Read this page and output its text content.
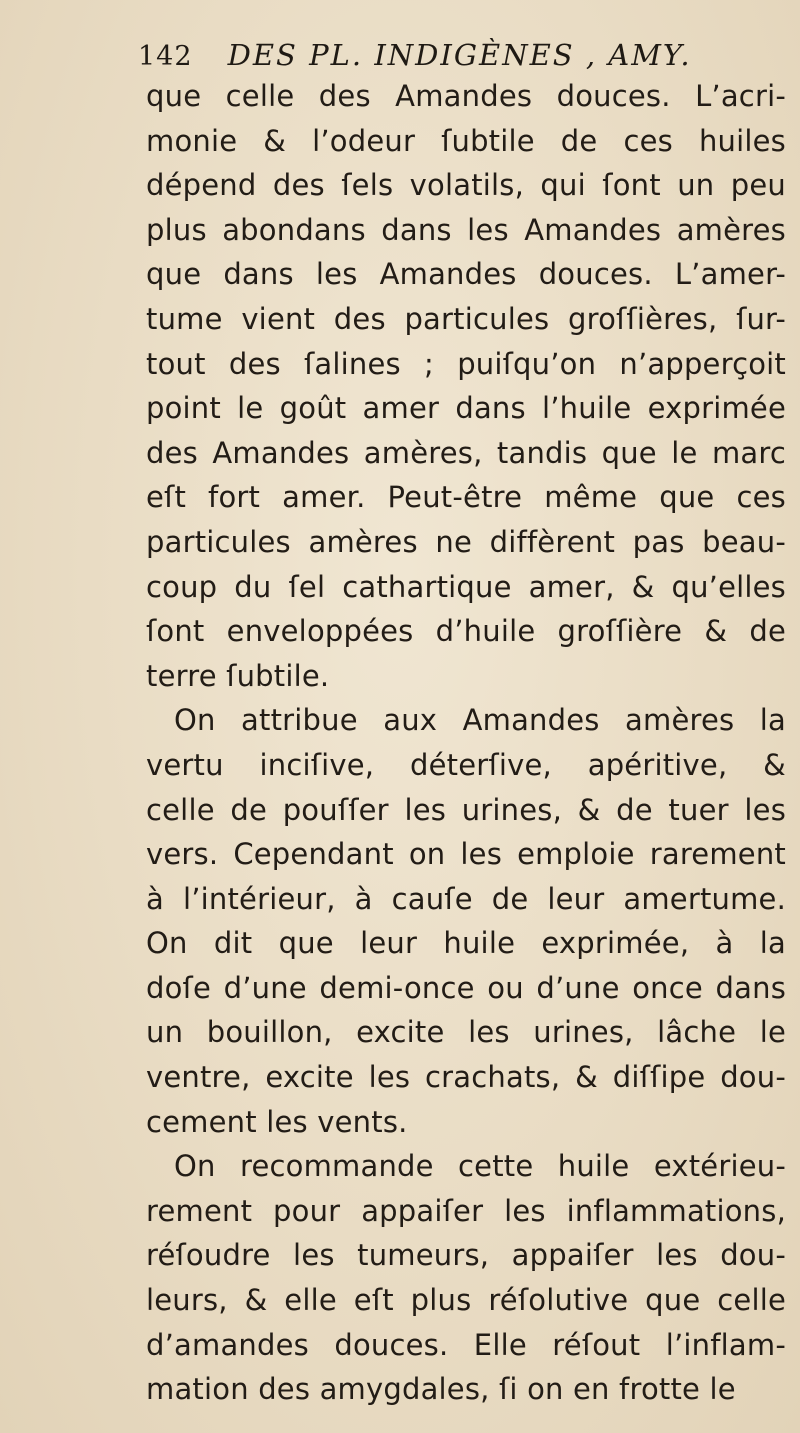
142 DES PL. INDIGÈNES , AMY.
que celle des Amandes douces. L’acri-
monie & l’odeur ſubtile de ces huiles
dépend des ſels volatils, qui ſont un peu
plus abondans dans les Amandes amères
que dans les Amandes douces. L’amer-
tume vient des particules groſſières, ſur-
tout des ſalines ; puiſqu’on n’apperçoit
point le goût amer dans l’huile exprimée
des Amandes amères, tandis que le marc
eſt fort amer. Peut-être même que ces
particules amères ne diffèrent pas beau-
coup du ſel cathartique amer, & qu’elles
ſont enveloppées d’huile groſſière & de
terre ſubtile.
On attribue aux Amandes amères la
vertu inciſive, déterſive, apéritive, &
celle de pouſſer les urines, & de tuer les
vers. Cependant on les emploie rarement
à l’intérieur, à cauſe de leur amertume.
On dit que leur huile exprimée, à la
doſe d’une demi-once ou d’une once dans
un bouillon, excite les urines, lâche le
ventre, excite les crachats, & diſſipe dou-
cement les vents.
On recommande cette huile extérieu-
rement pour appaiſer les inflammations,
réſoudre les tumeurs, appaiſer les dou-
leurs, & elle eſt plus réſolutive que celle
d’amandes douces. Elle réſout l’inflam-
mation des amygdales, ſi on en frotte le
